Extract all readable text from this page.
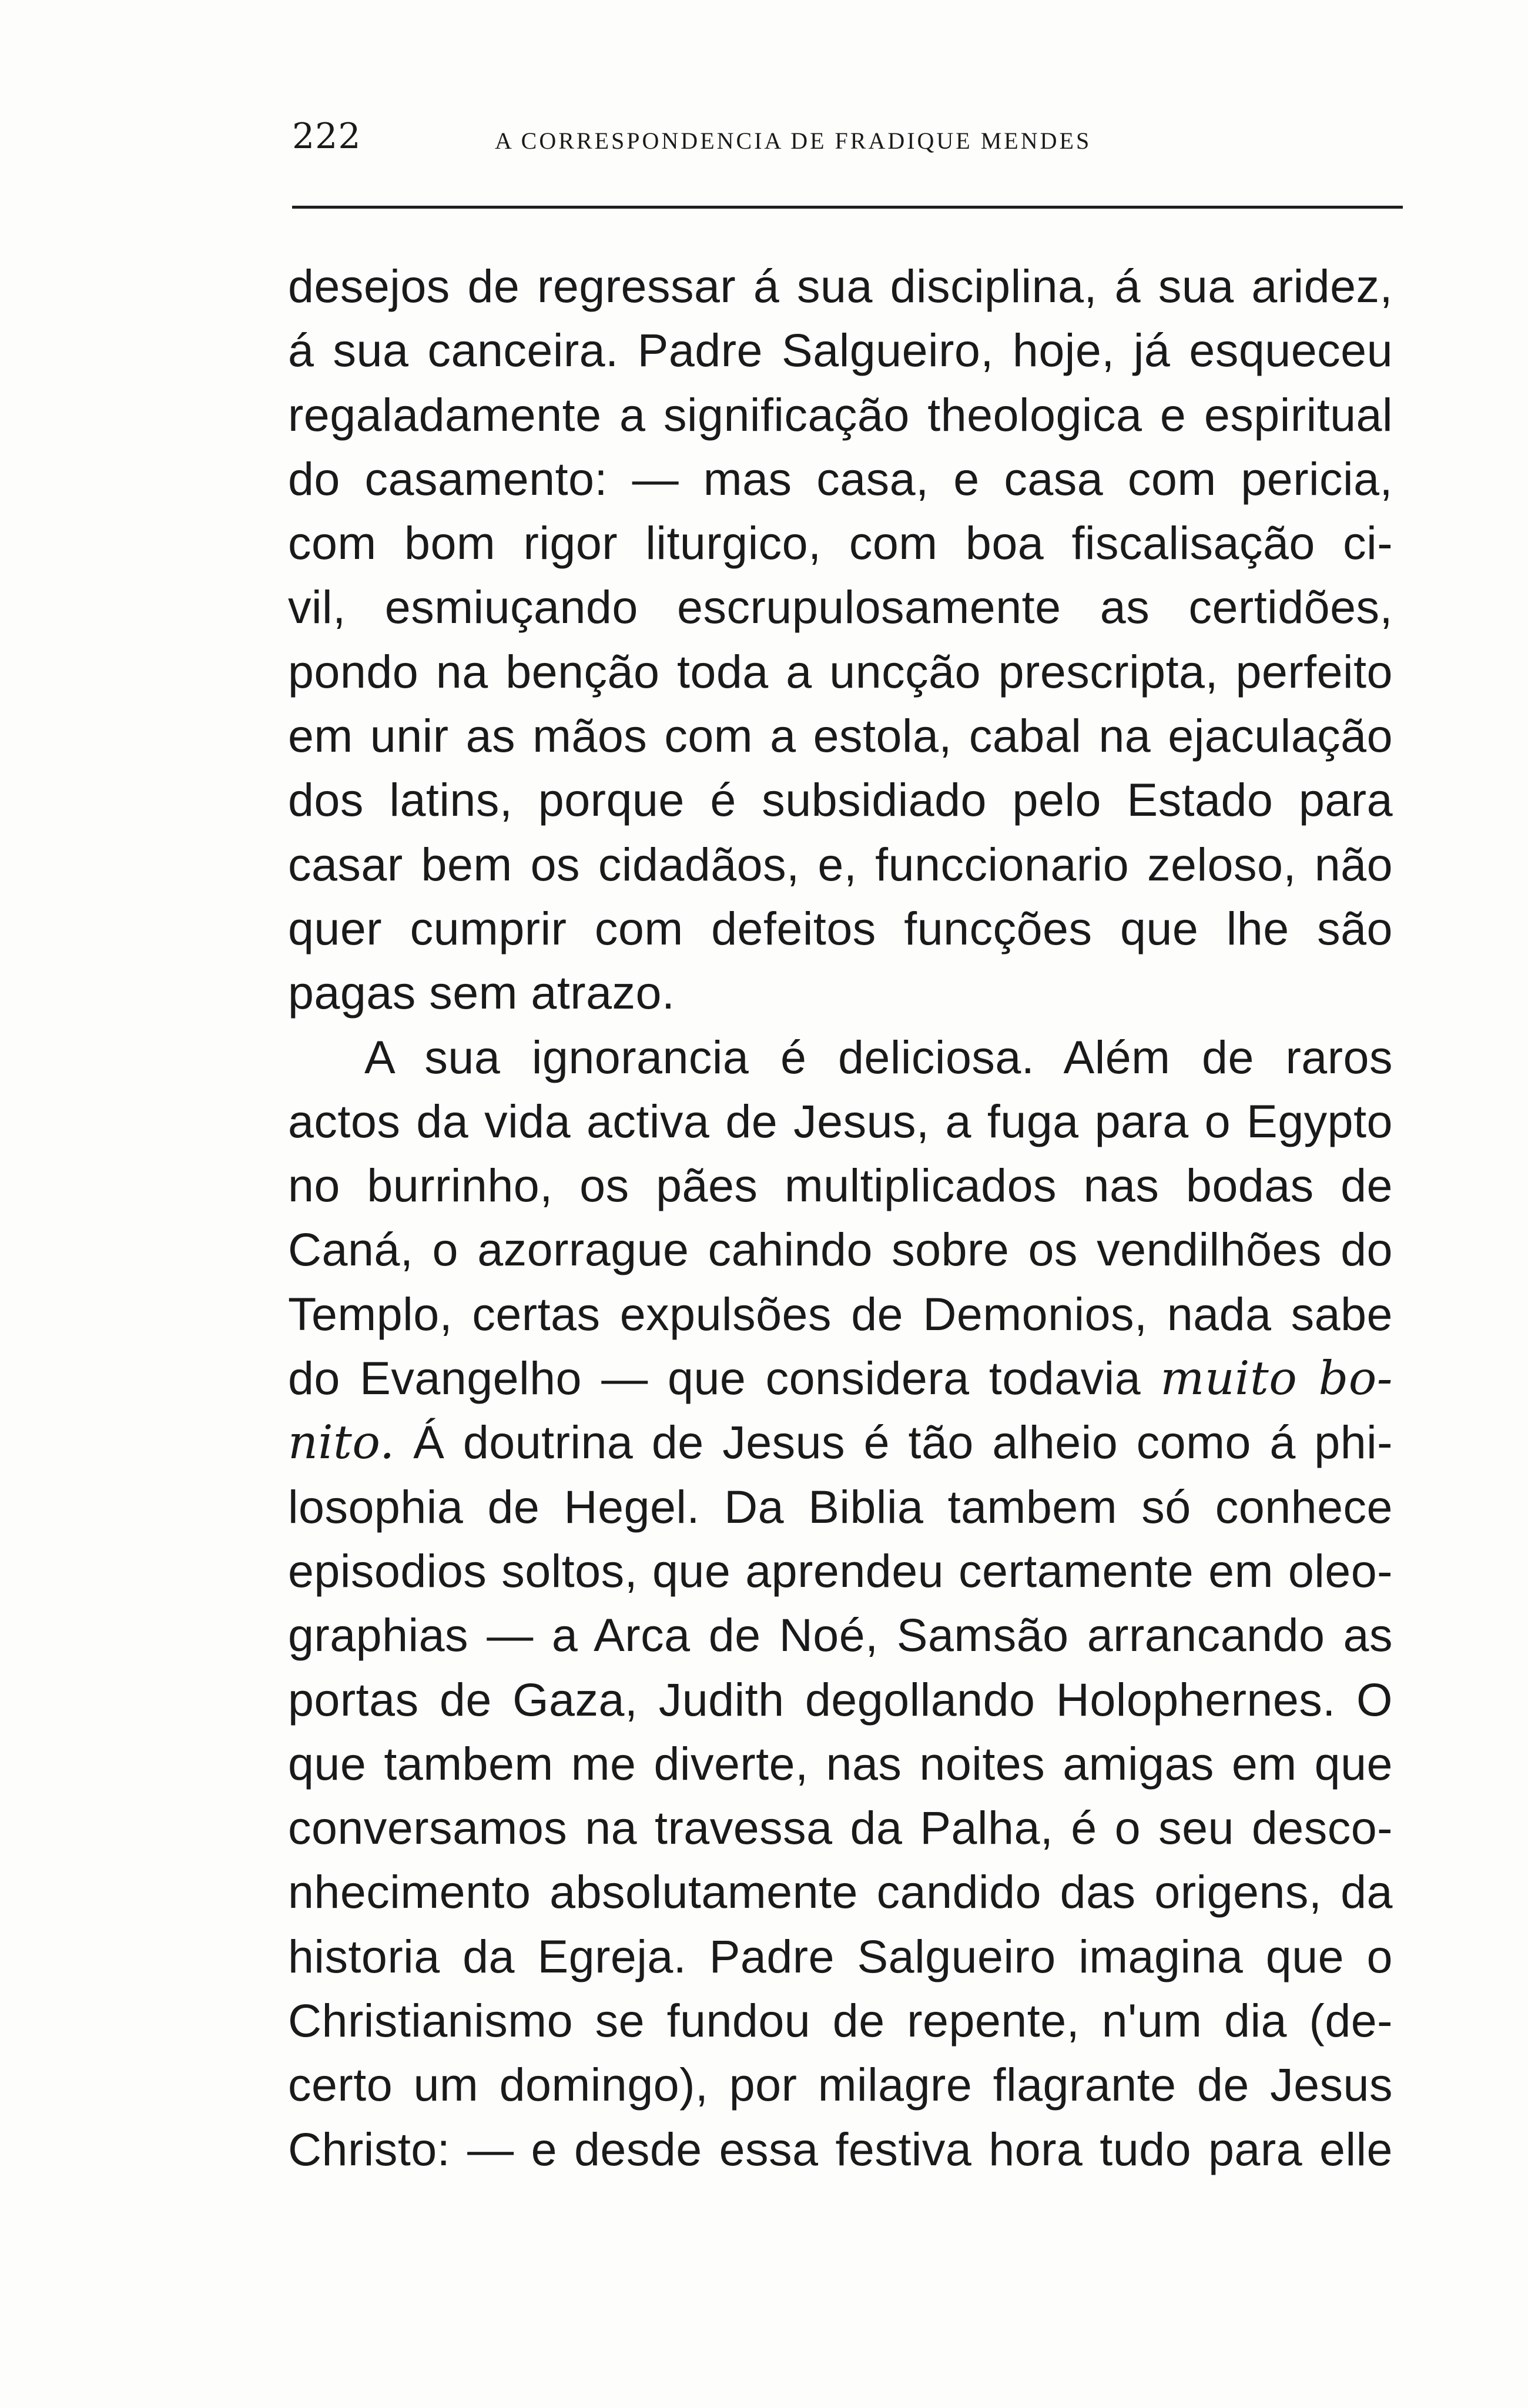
222	A CORRESPONDENCIA DE FRADIQUE MENDES
desejos de regressar á sua disciplina, á sua aridez,
á sua canceira. Padre Salgueiro, hoje, já esqueceu
regaladamente a significação theologica e espiritual
do casamento: — mas casa, e casa com pericia,
com bom rigor liturgico, com boa fiscalisação ci-
vil, esmiuçando escrupulosamente as certidões,
pondo na benção toda a uncção prescripta, perfeito
em unir as mãos com a estola, cabal na ejaculação
dos latins, porque é subsidiado pelo Estado para
casar bem os cidadãos, e, funccionario zeloso, não
quer cumprir com defeitos funcções que lhe são
pagas sem atrazo.
A sua ignorancia é deliciosa. Além de raros
actos da vida activa de Jesus, a fuga para o Egypto
no burrinho, os pães multiplicados nas bodas de
Caná, o azorrague cahindo sobre os vendilhões do
Templo, certas expulsões de Demonios, nada sabe
do Evangelho — que considera todavia muito bo-
nito. Á doutrina de Jesus é tão alheio como á phi-
losophia de Hegel. Da Biblia tambem só conhece
episodios soltos, que aprendeu certamente em oleo-
graphias — a Arca de Noé, Samsão arrancando as
portas de Gaza, Judith degollando Holophernes. O
que tambem me diverte, nas noites amigas em que
conversamos na travessa da Palha, é o seu desco-
nhecimento absolutamente candido das origens, da
historia da Egreja. Padre Salgueiro imagina que o
Christianismo se fundou de repente, n'um dia (de-
certo um domingo), por milagre flagrante de Jesus
Christo: — e desde essa festiva hora tudo para elle
